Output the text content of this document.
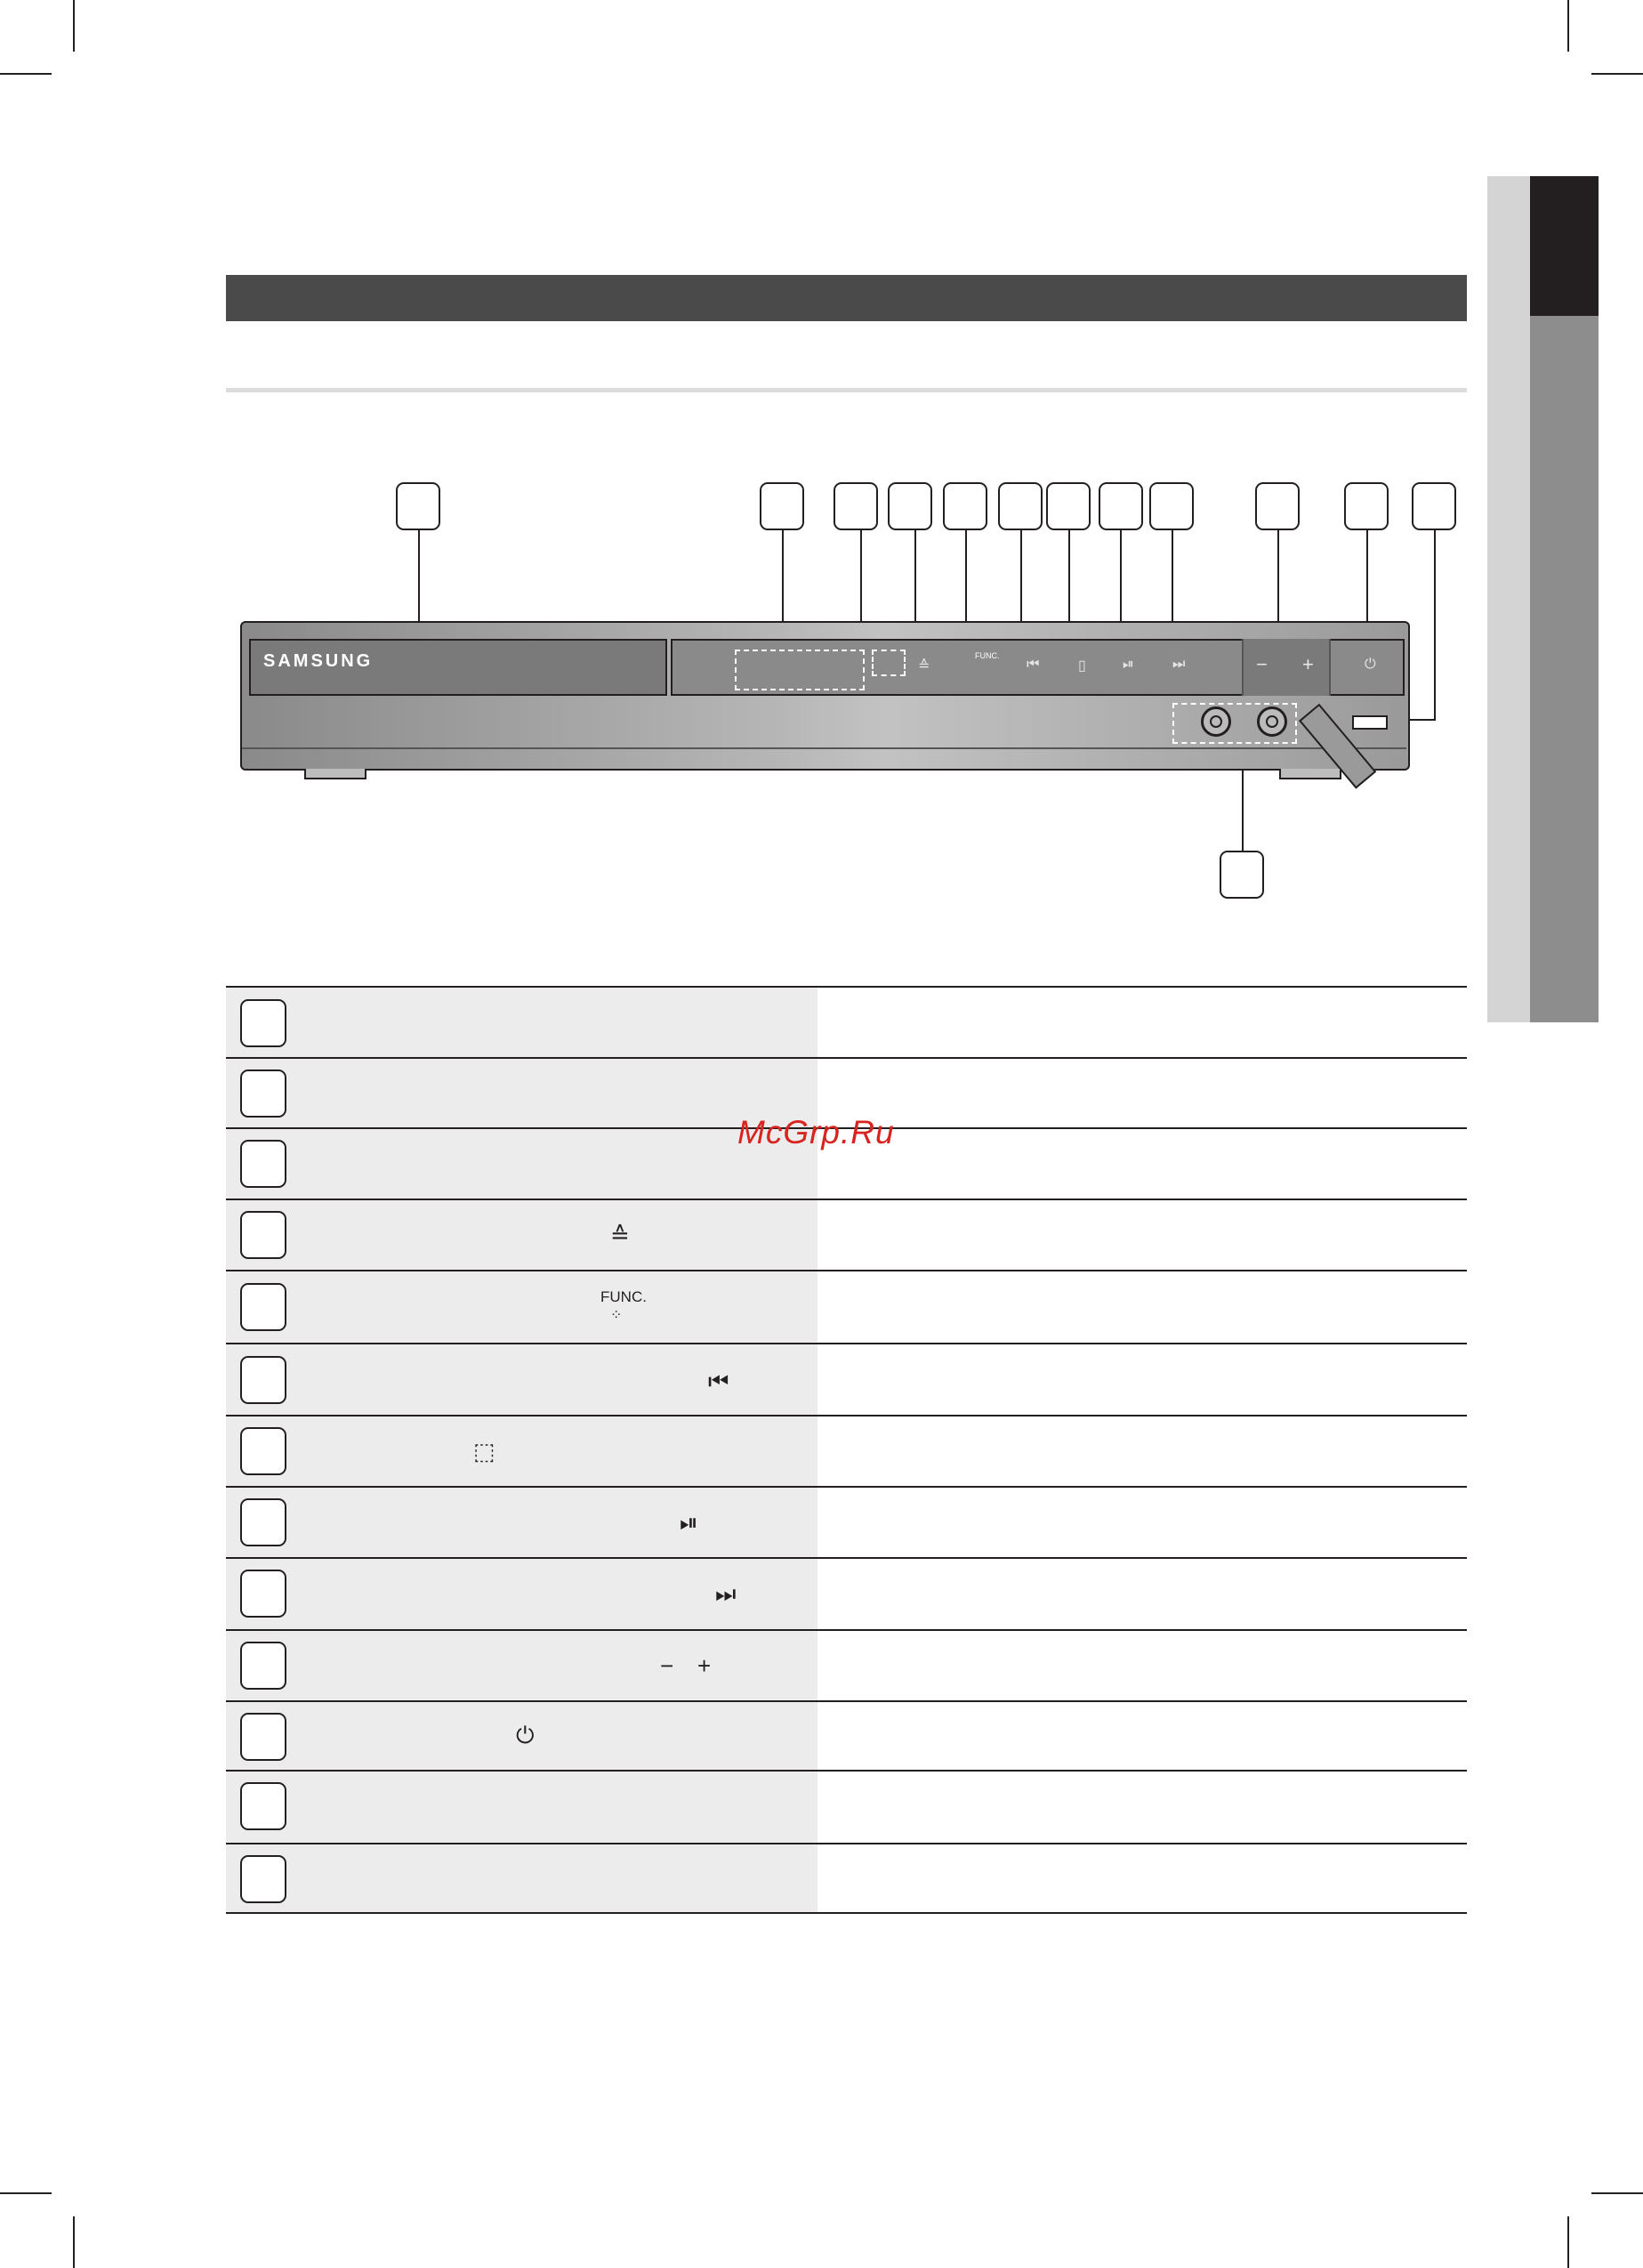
SAMSUNG	≙
FUNC.
⏮	▯	⏯	⏭	− +	⏻
≙
FUNC.
⁘
⏮
⬚
⏯
⏭
− +
⏻
McGrp.Ru
